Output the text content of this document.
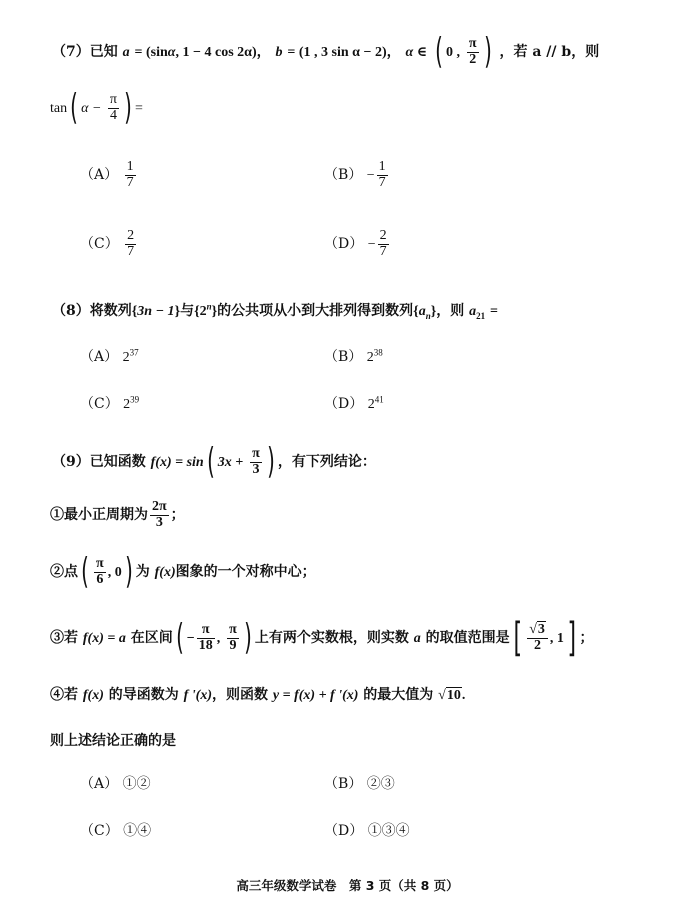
（7）已知 a = (sinα, 1 − 4 cos 2α)， b = (1 , 3 sin α − 2)， α ∈ ( 0 , $\frac{\pi}{2}$ ) ，若 a // b，则
tan( $\alpha - \frac{\pi}{4}$ ) =
$(A) \frac{1}{7}$	$(B) - \frac{1}{7}$
$(C) \frac{2}{7}$	$(D) - \frac{2}{7}$
（8）将数列{3n − 1}与{2$^n$}的公共项从小到大排列得到数列$\{a_n\}$，则 $a_{21}$ =
（A） $2^{37}$	（B） $2^{38}$
（C） $2^{39}$	（D） $2^{41}$
（9）已知函数 f(x) = sin( $3x + \frac{\pi}{3}$ ) ，有下列结论：
①最小正周期为 $\frac{2\pi}{3}$ ；
②点( $\frac{\pi}{6}$ , 0) 为 f(x)图象的一个对称中心；
③若 f(x) = a 在区间( − $\frac{\pi}{18}$ , $\frac{\pi}{9}$ ) 上有两个实数根，则实数 a 的取值范围是[ $\frac{√3}{2}$ , 1] ；
④若 f(x) 的导函数为 f '(x)，则函数 y = f(x) + f '(x) 的最大值为 √10.
则上述结论正确的是
（A） ①②	（B） ②③
（C） ①④	（D） ①③④
高三年级数学试卷　第 3 页（共 8 页）
